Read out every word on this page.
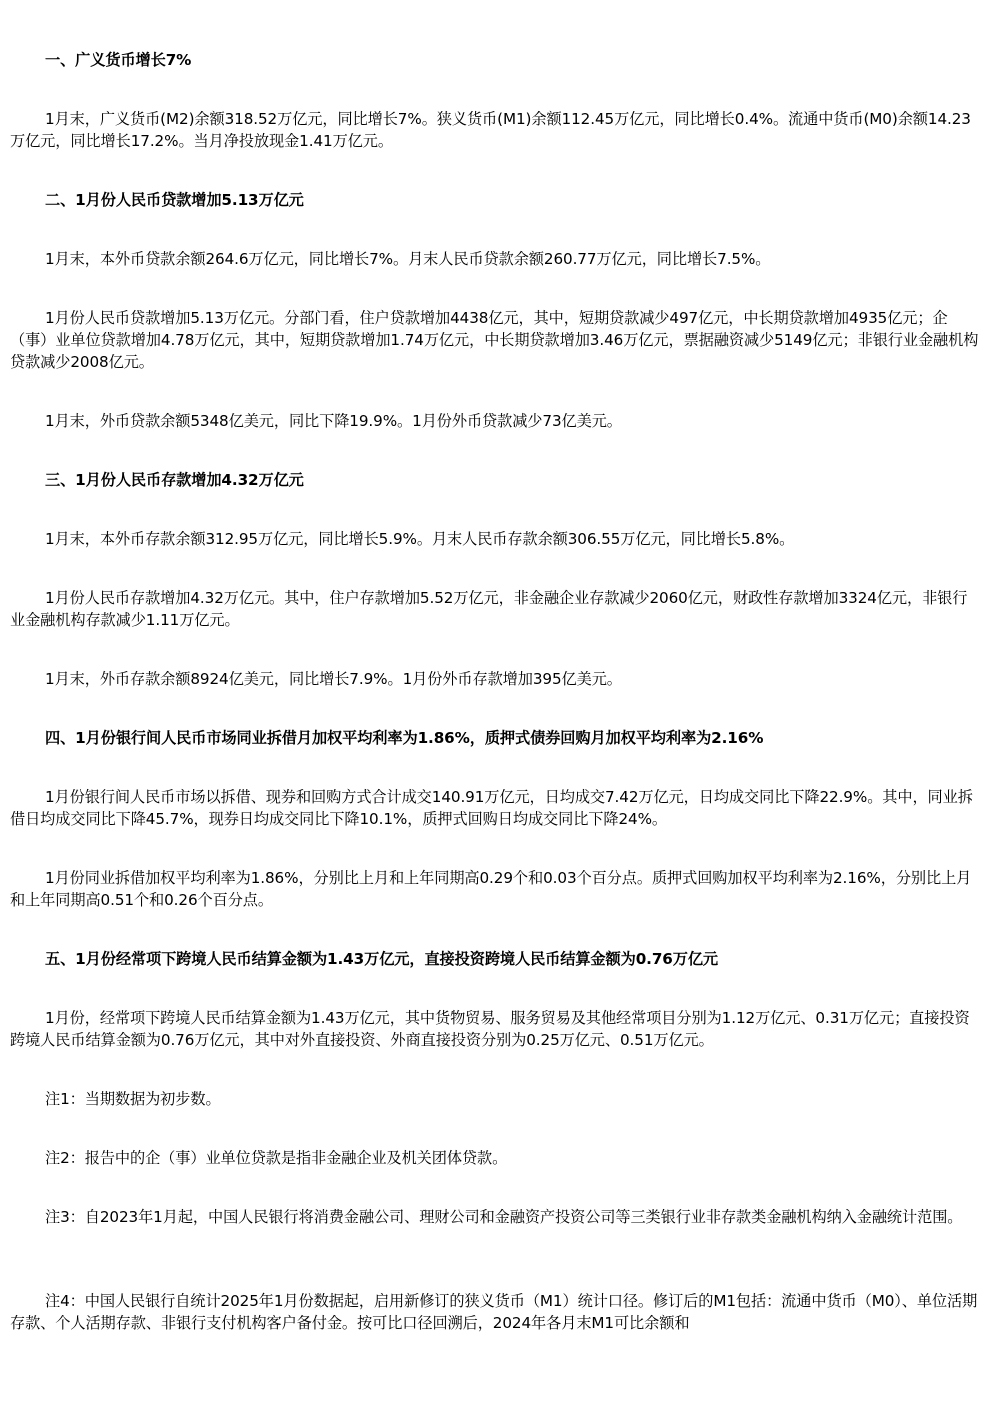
一、广义货币增长7%

1月末，广义货币(M2)余额318.52万亿元，同比增长7%。狭义货币(M1)余额112.45万亿元，同比增长0.4%。流通中货币(M0)余额14.23万亿元，同比增长17.2%。当月净投放现金1.41万亿元。

二、1月份人民币贷款增加5.13万亿元

1月末，本外币贷款余额264.6万亿元，同比增长7%。月末人民币贷款余额260.77万亿元，同比增长7.5%。

1月份人民币贷款增加5.13万亿元。分部门看，住户贷款增加4438亿元，其中，短期贷款减少497亿元，中长期贷款增加4935亿元；企（事）业单位贷款增加4.78万亿元，其中，短期贷款增加1.74万亿元，中长期贷款增加3.46万亿元，票据融资减少5149亿元；非银行业金融机构贷款减少2008亿元。

1月末，外币贷款余额5348亿美元，同比下降19.9%。1月份外币贷款减少73亿美元。

三、1月份人民币存款增加4.32万亿元

1月末，本外币存款余额312.95万亿元，同比增长5.9%。月末人民币存款余额306.55万亿元，同比增长5.8%。

1月份人民币存款增加4.32万亿元。其中，住户存款增加5.52万亿元，非金融企业存款减少2060亿元，财政性存款增加3324亿元，非银行业金融机构存款减少1.11万亿元。

1月末，外币存款余额8924亿美元，同比增长7.9%。1月份外币存款增加395亿美元。

四、1月份银行间人民币市场同业拆借月加权平均利率为1.86%，质押式债券回购月加权平均利率为2.16%

1月份银行间人民币市场以拆借、现券和回购方式合计成交140.91万亿元，日均成交7.42万亿元，日均成交同比下降22.9%。其中，同业拆借日均成交同比下降45.7%，现券日均成交同比下降10.1%，质押式回购日均成交同比下降24%。

1月份同业拆借加权平均利率为1.86%，分别比上月和上年同期高0.29个和0.03个百分点。质押式回购加权平均利率为2.16%，分别比上月和上年同期高0.51个和0.26个百分点。

五、1月份经常项下跨境人民币结算金额为1.43万亿元，直接投资跨境人民币结算金额为0.76万亿元

1月份，经常项下跨境人民币结算金额为1.43万亿元，其中货物贸易、服务贸易及其他经常项目分别为1.12万亿元、0.31万亿元；直接投资跨境人民币结算金额为0.76万亿元，其中对外直接投资、外商直接投资分别为0.25万亿元、0.51万亿元。

注1：当期数据为初步数。

注2：报告中的企（事）业单位贷款是指非金融企业及机关团体贷款。

注3：自2023年1月起，中国人民银行将消费金融公司、理财公司和金融资产投资公司等三类银行业非存款类金融机构纳入金融统计范围。

注4：中国人民银行自统计2025年1月份数据起，启用新修订的狭义货币（M1）统计口径。修订后的M1包括：流通中货币（M0）、单位活期存款、个人活期存款、非银行支付机构客户备付金。按可比口径回溯后，2024年各月末M1可比余额和
